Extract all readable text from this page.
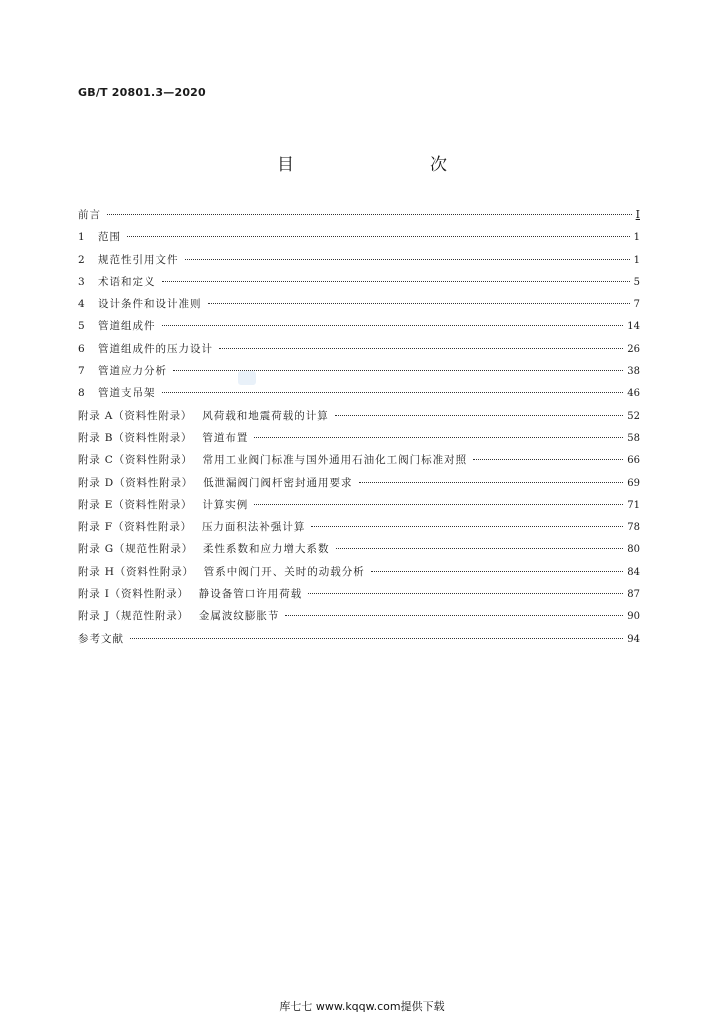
GB/T 20801.3—2020
目　　次
前言	Ⅰ
1	范围	1
2	规范性引用文件	1
3	术语和定义	5
4	设计条件和设计准则	7
5	管道组成件	14
6	管道组成件的压力设计	26
7	管道应力分析	38
8	管道支吊架	46
附录 A（资料性附录） 风荷载和地震荷载的计算	52
附录 B（资料性附录） 管道布置	58
附录 C（资料性附录） 常用工业阀门标准与国外通用石油化工阀门标准对照	66
附录 D（资料性附录） 低泄漏阀门阀杆密封通用要求	69
附录 E（资料性附录） 计算实例	71
附录 F（资料性附录） 压力面积法补强计算	78
附录 G（规范性附录） 柔性系数和应力增大系数	80
附录 H（资料性附录） 管系中阀门开、关时的动载分析	84
附录 I（资料性附录） 静设备管口许用荷载	87
附录 J（规范性附录） 金属波纹膨胀节	90
参考文献	94
库七七 www.kqqw.com提供下载
